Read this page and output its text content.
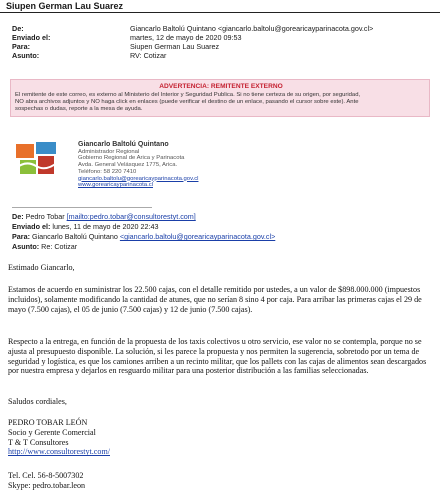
Siupen German Lau Suarez
De:	Giancarlo Baltolú Quintano <giancarlo.baltolu@gorearicayparinacota.gov.cl>
Enviado el:	martes, 12 de mayo de 2020 09:53
Para:	Siupen German Lau Suarez
Asunto:	RV: Cotizar
ADVERTENCIA: REMITENTE EXTERNO
El remitente de este correo, es externo al Ministerio del Interior y Seguridad Publica. Si no tiene certeza de su origen, por seguridad,
NO abra archivos adjuntos y NO haga click en enlaces (puede verificar el destino de un enlace, pasando el cursor sobre este). Ante
sospechas o dudas, reporte a la mesa de ayuda.
Giancarlo Baltolú Quintano
Administrador Regional
Gobierno Regional de Arica y Parinacota
Avda. General Velásquez 1775, Arica.
Teléfono: 58 220 7410
giancarlo.baltolu@gorearicayparinacota.gov.cl
www.gorearicayparinacota.cl
De: Pedro Tobar [mailto:pedro.tobar@consultorestyt.com]
Enviado el: lunes, 11 de mayo de 2020 22:43
Para: Giancarlo Baltolú Quintano <giancarlo.baltolu@gorearicayparinacota.gov.cl>
Asunto: Re: Cotizar
Estimado Giancarlo,
Estamos de acuerdo en suministrar los 22.500 cajas, con el detalle remitido por ustedes, a un valor de $898.000.000 (impuestos incluidos), solamente modificando la cantidad de atunes, que no serían 8 sino 4 por caja. Para arribar las primeras cajas el 29 de mayo (7.500 cajas), el 05 de junio (7.500 cajas) y 12 de junio (7.500 cajas).
Respecto a la entrega, en función de la propuesta de los taxis colectivos u otro servicio, ese valor no se contempla, porque no se ajusta al presupuesto disponible. La solución, si les parece la propuesta y nos permiten la sugerencia, sobretodo por un tema de seguridad y logística, es que los camiones arriben a un recinto militar, que los pallets con las cajas de alimentos sean descargados por nuestra empresa y dejarlos en resguardo militar para una posterior distribución a las familias seleccionadas.
Saludos cordiales,
PEDRO TOBAR LEÓN
Socio y Gerente Comercial
T & T Consultores
http://www.consultorestyt.com/
Tel. Cel. 56-8-5007302
Skype: pedro.tobar.leon
